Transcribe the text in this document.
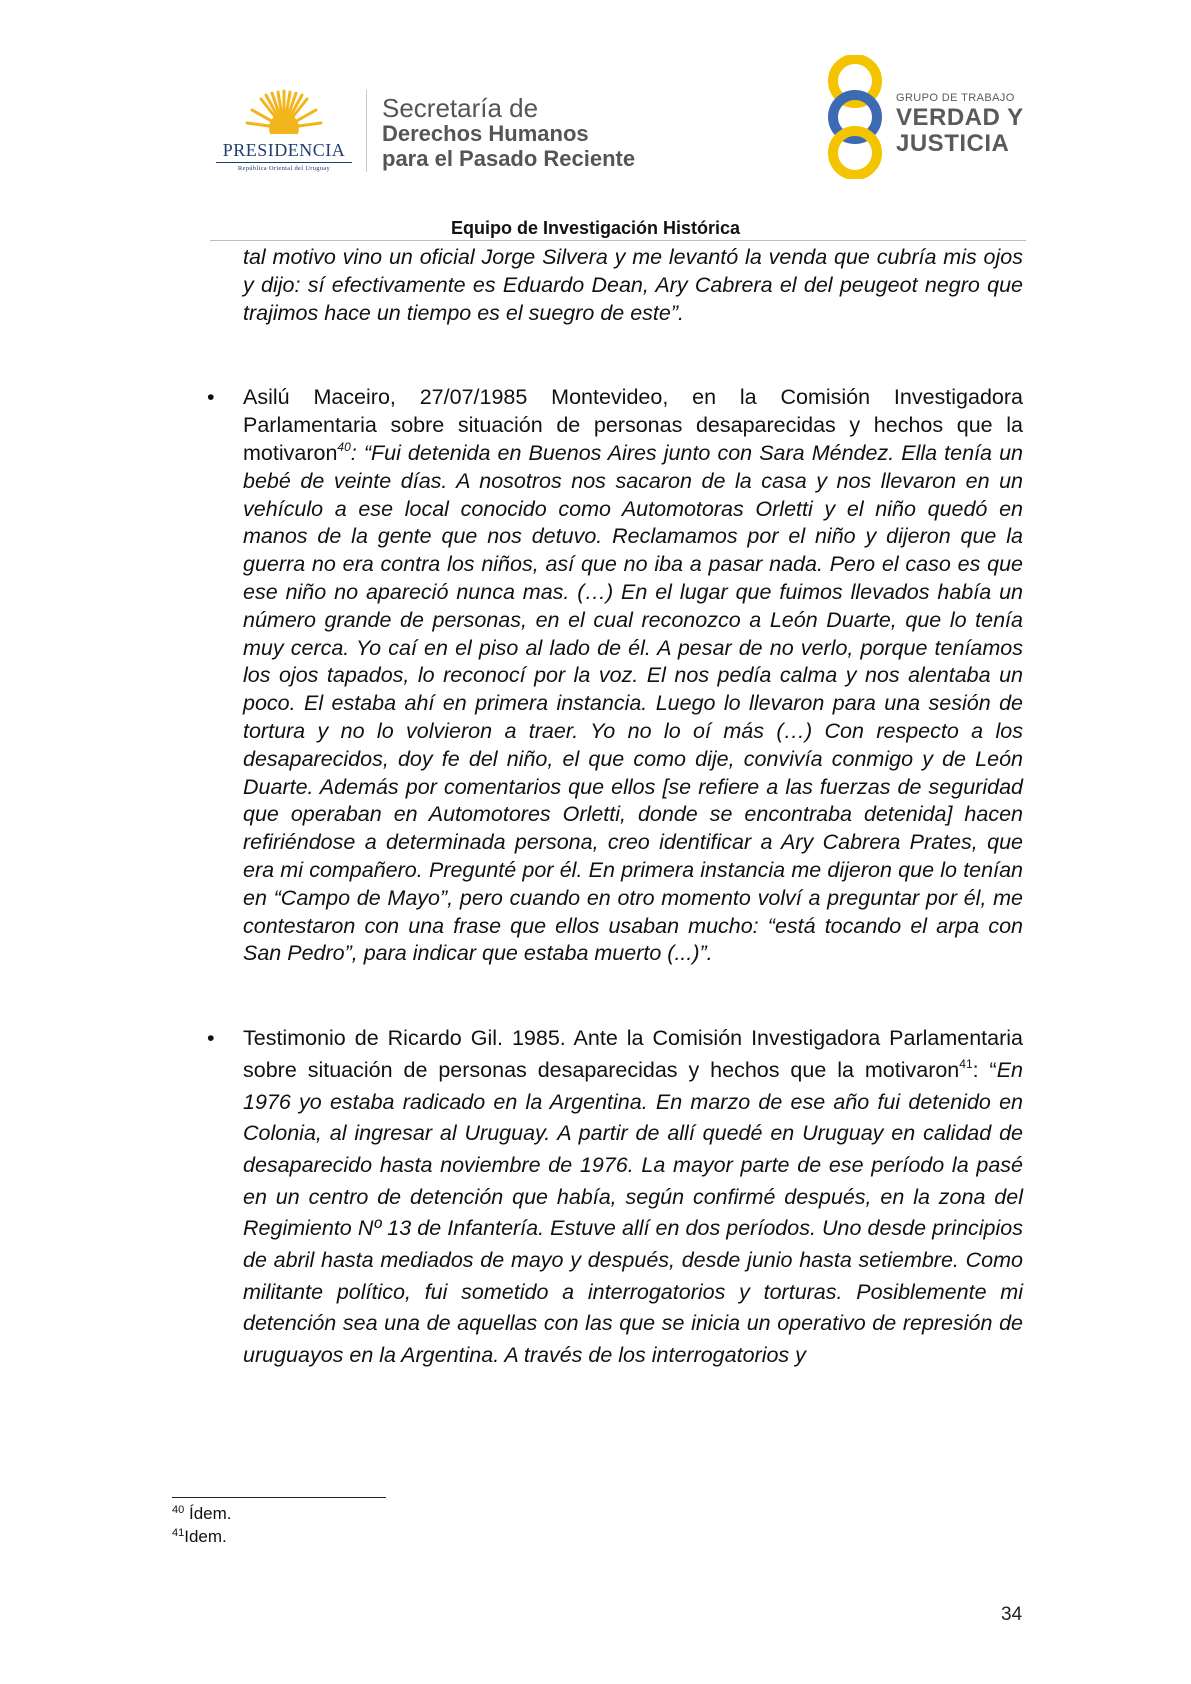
PRESIDENCIA
República Oriental del Uruguay
Secretaría de
Derechos Humanos
para el Pasado Reciente
GRUPO DE TRABAJO
VERDAD Y
JUSTICIA
Equipo de Investigación Histórica

tal motivo vino un oficial Jorge Silvera y me levantó la venda que cubría mis ojos y dijo: sí efectivamente es Eduardo Dean, Ary Cabrera el del peugeot negro que trajimos hace un tiempo es el suegro de este”.

• Asilú Maceiro, 27/07/1985 Montevideo, en la Comisión Investigadora Parlamentaria sobre situación de personas desaparecidas y hechos que la motivaron$^{40}$: “Fui detenida en Buenos Aires junto con Sara Méndez. Ella tenía un bebé de veinte días. A nosotros nos sacaron de la casa y nos llevaron en un vehículo a ese local conocido como Automotoras Orletti y el niño quedó en manos de la gente que nos detuvo. Reclamamos por el niño y dijeron que la guerra no era contra los niños, así que no iba a pasar nada. Pero el caso es que ese niño no apareció nunca mas. (…) En el lugar que fuimos llevados había un número grande de personas, en el cual reconozco a León Duarte, que lo tenía muy cerca. Yo caí en el piso al lado de él. A pesar de no verlo, porque teníamos los ojos tapados, lo reconocí por la voz. El nos pedía calma y nos alentaba un poco. El estaba ahí en primera instancia. Luego lo llevaron para una sesión de tortura y no lo volvieron a traer. Yo no lo oí más (…) Con respecto a los desaparecidos, doy fe del niño, el que como dije, convivía conmigo y de León Duarte. Además por comentarios que ellos [se refiere a las fuerzas de seguridad que operaban en Automotores Orletti, donde se encontraba detenida] hacen refiriéndose a determinada persona, creo identificar a Ary Cabrera Prates, que era mi compañero. Pregunté por él. En primera instancia me dijeron que lo tenían en “Campo de Mayo”, pero cuando en otro momento volví a preguntar por él, me contestaron con una frase que ellos usaban mucho: “está tocando el arpa con San Pedro”, para indicar que estaba muerto (...)”.

• Testimonio de Ricardo Gil. 1985. Ante la Comisión Investigadora Parlamentaria sobre situación de personas desaparecidas y hechos que la motivaron$^{41}$: “En 1976 yo estaba radicado en la Argentina. En marzo de ese año fui detenido en Colonia, al ingresar al Uruguay. A partir de allí quedé en Uruguay en calidad de desaparecido hasta noviembre de 1976. La mayor parte de ese período la pasé en un centro de detención que había, según confirmé después, en la zona del Regimiento Nº 13 de Infantería. Estuve allí en dos períodos. Uno desde principios de abril hasta mediados de mayo y después, desde junio hasta setiembre. Como militante político, fui sometido a interrogatorios y torturas. Posiblemente mi detención sea una de aquellas con las que se inicia un operativo de represión de uruguayos en la Argentina. A través de los interrogatorios y

$^{40}$ Ídem.
$^{41}$Idem.
34
